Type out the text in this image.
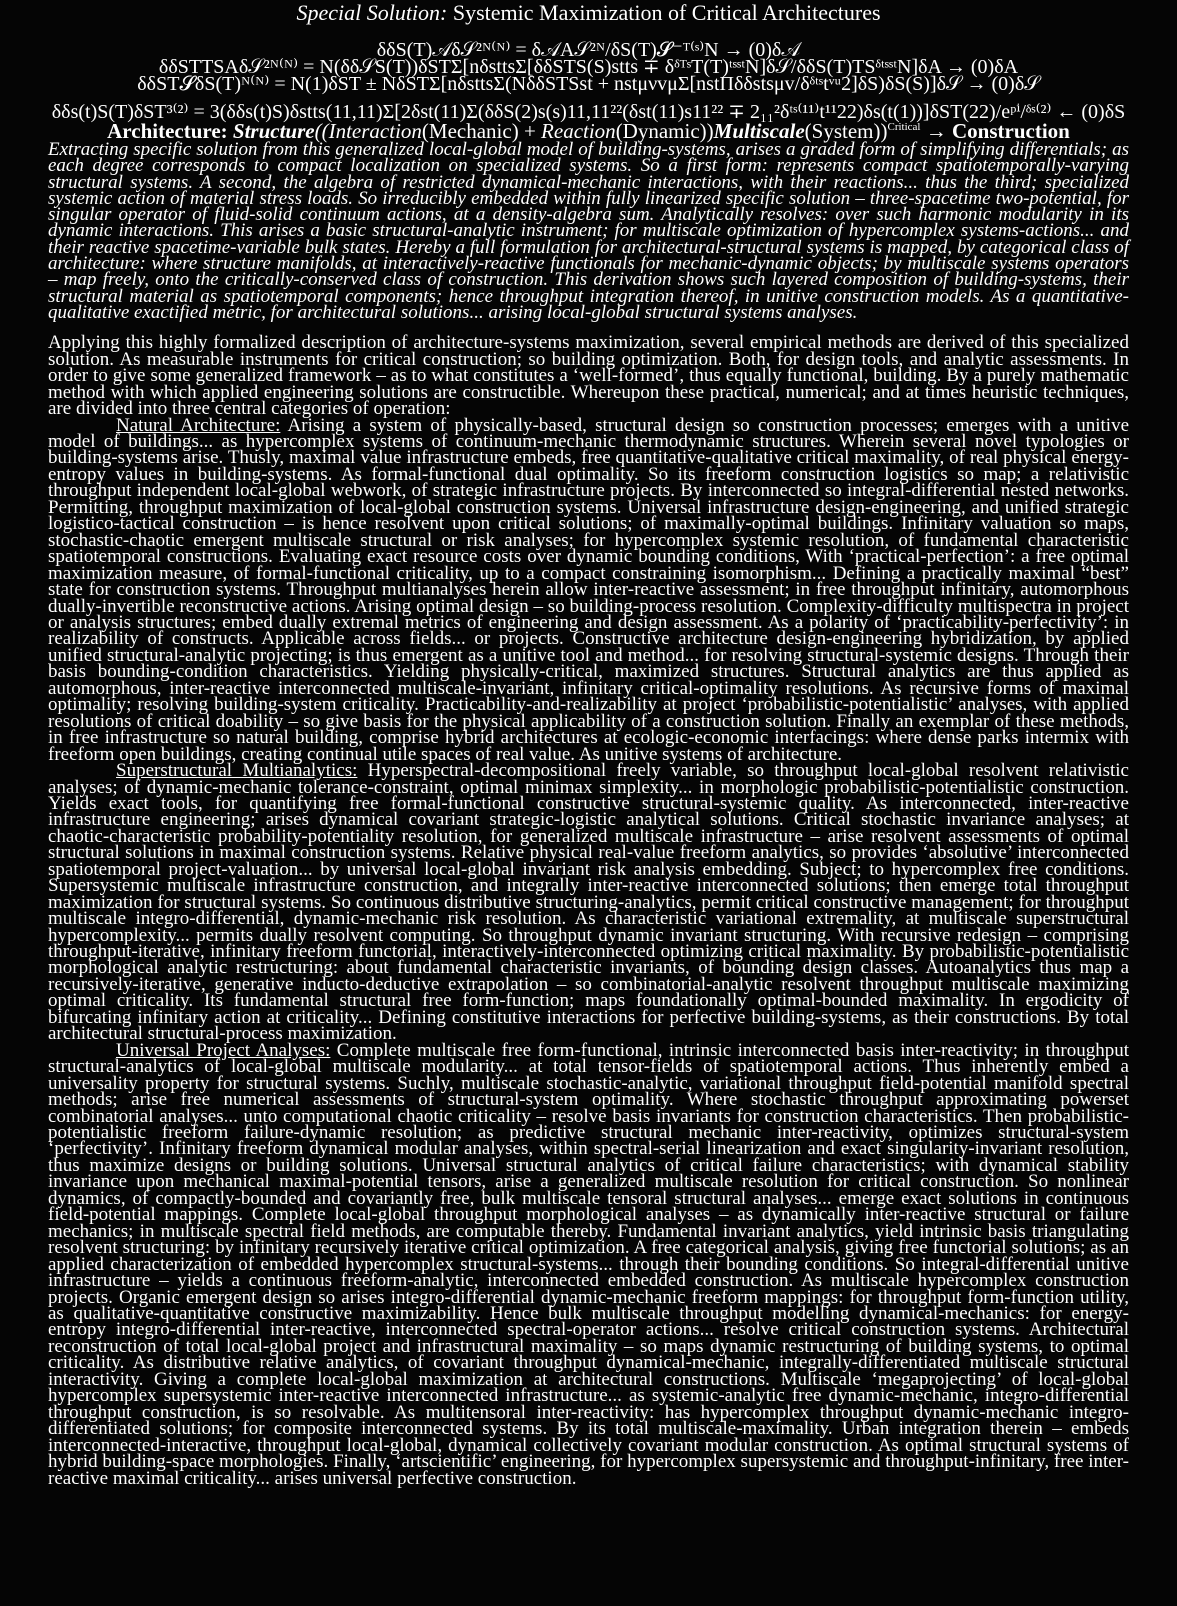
Special Solution: Systemic Maximization of Critical Architectures
δδS(T)𝒜δ𝒮²ᴺ⁽ᴺ⁾ = δ𝒜A𝒮²ᴺ/δS(T)𝓢⁻ᵀ⁽ˢ⁾N → (0)δ𝒜
δδSTTSAδ𝒮²ᴺ⁽ᴺ⁾ = N(δδ𝒮S(T))δSTΣ[nδsttsΣ[δδSTS(S)stts ∓ δᵟᵀˢT(T)ᵗˢˢᵗN]δ𝒮/δδS(T)TSᵟᵗˢˢᵗN]δA → (0)δA
δδST𝓢δS(T)ᴺ⁽ᴺ⁾ = N(1)δST ± NδSTΣ[nδsttsΣ(NδδSTSst + nstμνvμΣ[nstΠδδstsμv/δᵟᵗˢtᵛᵘ2]δS)δS(S)]δ𝒮 → (0)δ𝒮
δδs(t)S(T)δST³⁽²⁾ = 3(δδs(t)S)δstts(11,11)Σ[2δst(11)Σ(δδS(2)s(s)11,11²²(δst(11)s11²² ∓ 2₁₁²δᵗˢ⁽¹¹⁾t¹¹22)δs(t(1))]δST(22)/eᵖⁱ/ᵟˢ⁽²⁾ ← (0)δS
Architecture: Structure((Interaction(Mechanic) + Reaction(Dynamic))Multiscale(System))$^{Critical}$ → Construction
Extracting specific solution from this generalized local-global model of building-systems, arises a graded form of simplifying differentials; as each degree corresponds to compact localization on specialized systems. So a first form: represents compact spatiotemporally-varying structural systems. A second, the algebra of restricted dynamical-mechanic interactions, with their reactions... thus the third; specialized systemic action of material stress loads. So irreducibly embedded within fully linearized specific solution – three-spacetime two-potential, for singular operator of fluid-solid continuum actions, at a density-algebra sum. Analytically resolves: over such harmonic modularity in its dynamic interactions. This arises a basic structural-analytic instrument; for multiscale optimization of hypercomplex systems-actions... and their reactive spacetime-variable bulk states. Hereby a full formulation for architectural-structural systems is mapped, by categorical class of architecture: where structure manifolds, at interactively-reactive functionals for mechanic-dynamic objects; by multiscale systems operators – map freely, onto the critically-conserved class of construction. This derivation shows such layered composition of building-systems, their structural material as spatiotemporal components; hence throughput integration thereof, in unitive construction models. As a quantitative-qualitative exactified metric, for architectural solutions... arising local-global structural systems analyses.
Applying this highly formalized description of architecture-systems maximization, several empirical methods are derived of this specialized solution. As measurable instruments for critical construction; so building optimization. Both, for design tools, and analytic assessments. In order to give some generalized framework – as to what constitutes a ‘well-formed’, thus equally functional, building. By a purely mathematic method with which applied engineering solutions are constructible. Whereupon these practical, numerical; and at times heuristic techniques, are divided into three central categories of operation:
Natural Architecture: Arising a system of physically-based, structural design so construction processes; emerges with a unitive model of buildings... as hypercomplex systems of continuum-mechanic thermodynamic structures. Wherein several novel typologies or building-systems arise. Thusly, maximal value infrastructure embeds, free quantitative-qualitative critical maximality, of real physical energy-entropy values in building-systems. As formal-functional dual optimality. So its freeform construction logistics so map; a relativistic throughput independent local-global webwork, of strategic infrastructure projects. By interconnected so integral-differential nested networks. Permitting, throughput maximization of local-global construction systems. Universal infrastructure design-engineering, and unified strategic logistico-tactical construction – is hence resolvent upon critical solutions; of maximally-optimal buildings. Infinitary valuation so maps, stochastic-chaotic emergent multiscale structural or risk analyses; for hypercomplex systemic resolution, of fundamental characteristic spatiotemporal constructions. Evaluating exact resource costs over dynamic bounding conditions, With ‘practical-perfection’: a free optimal maximization measure, of formal-functional criticality, up to a compact constraining isomorphism... Defining a practically maximal “best” state for construction systems. Throughput multianalyses herein allow inter-reactive assessment; in free throughput infinitary, automorphous dually-invertible reconstructive actions. Arising optimal design – so building-process resolution. Complexity-difficulty multispectra in project or analysis structures; embed dually extremal metrics of engineering and design assessment. As a polarity of ‘practicability-perfectivity’: in realizability of constructs. Applicable across fields... or projects. Constructive architecture design-engineering hybridization, by applied unified structural-analytic projecting; is thus emergent as a unitive tool and method... for resolving structural-systemic designs. Through their basis bounding-condition characteristics. Yielding physically-critical, maximized structures. Structural analytics are thus applied as automorphous, inter-reactive interconnected multiscale-invariant, infinitary critical-optimality resolutions. As recursive forms of maximal optimality; resolving building-system criticality. Practicability-and-realizability at project ‘probabilistic-potentialistic’ analyses, with applied resolutions of critical doability – so give basis for the physical applicability of a construction solution. Finally an exemplar of these methods, in free infrastructure so natural building, comprise hybrid architectures at ecologic-economic interfacings: where dense parks intermix with freeform open buildings, creating continual utile spaces of real value. As unitive systems of architecture.
Superstructural Multianalytics: Hyperspectral-decompositional freely variable, so throughput local-global resolvent relativistic analyses; of dynamic-mechanic tolerance-constraint, optimal minimax simplexity... in morphologic probabilistic-potentialistic construction. Yields exact tools, for quantifying free formal-functional constructive structural-systemic quality. As interconnected, inter-reactive infrastructure engineering; arises dynamical covariant strategic-logistic analytical solutions. Critical stochastic invariance analyses; at chaotic-characteristic probability-potentiality resolution, for generalized multiscale infrastructure – arise resolvent assessments of optimal structural solutions in maximal construction systems. Relative physical real-value freeform analytics, so provides ‘absolutive’ interconnected spatiotemporal project-valuation... by universal local-global invariant risk analysis embedding. Subject; to hypercomplex free conditions. Supersystemic multiscale infrastructure construction, and integrally inter-reactive interconnected solutions; then emerge total throughput maximization for structural systems. So continuous distributive structuring-analytics, permit critical constructive management; for throughput multiscale integro-differential, dynamic-mechanic risk resolution. As characteristic variational extremality, at multiscale superstructural hypercomplexity... permits dually resolvent computing. So throughput dynamic invariant structuring. With recursive redesign – comprising throughput-iterative, infinitary freeform functorial, interactively-interconnected optimizing critical maximality. By probabilistic-potentialistic morphological analytic restructuring: about fundamental characteristic invariants, of bounding design classes. Autoanalytics thus map a recursively-iterative, generative inducto-deductive extrapolation – so combinatorial-analytic resolvent throughput multiscale maximizing optimal criticality. Its fundamental structural free form-function; maps foundationally optimal-bounded maximality. In ergodicity of bifurcating infinitary action at criticality... Defining constitutive interactions for perfective building-systems, as their constructions. By total architectural structural-process maximization.
Universal Project Analyses: Complete multiscale free form-functional, intrinsic interconnected basis inter-reactivity; in throughput structural-analytics of local-global multiscale modularity... at total tensor-fields of spatiotemporal actions. Thus inherently embed a universality property for structural systems. Suchly, multiscale stochastic-analytic, variational throughput field-potential manifold spectral methods; arise free numerical assessments of structural-system optimality. Where stochastic throughput approximating powerset combinatorial analyses... unto computational chaotic criticality – resolve basis invariants for construction characteristics. Then probabilistic-potentialistic freeform failure-dynamic resolution; as predictive structural mechanic inter-reactivity, optimizes structural-system ‘perfectivity’. Infinitary freeform dynamical modular analyses, within spectral-serial linearization and exact singularity-invariant resolution, thus maximize designs or building solutions. Universal structural analytics of critical failure characteristics; with dynamical stability invariance upon mechanical maximal-potential tensors, arise a generalized multiscale resolution for critical construction. So nonlinear dynamics, of compactly-bounded and covariantly free, bulk multiscale tensoral structural analyses... emerge exact solutions in continuous field-potential mappings. Complete local-global throughput morphological analyses – as dynamically inter-reactive structural or failure mechanics; in multiscale spectral field methods, are computable thereby. Fundamental invariant analytics, yield intrinsic basis triangulating resolvent structuring: by infinitary recursively iterative critical optimization. A free categorical analysis, giving free functorial solutions; as an applied characterization of embedded hypercomplex structural-systems... through their bounding conditions. So integral-differential unitive infrastructure – yields a continuous freeform-analytic, interconnected embedded construction. As multiscale hypercomplex construction projects. Organic emergent design so arises integro-differential dynamic-mechanic freeform mappings: for throughput form-function utility, as qualitative-quantitative constructive maximizability. Hence bulk multiscale throughput modelling dynamical-mechanics: for energy-entropy integro-differential inter-reactive, interconnected spectral-operator actions... resolve critical construction systems. Architectural reconstruction of total local-global project and infrastructural maximality – so maps dynamic restructuring of building systems, to optimal criticality. As distributive relative analytics, of covariant throughput dynamical-mechanic, integrally-differentiated multiscale structural interactivity. Giving a complete local-global maximization at architectural constructions. Multiscale ‘megaprojecting’ of local-global hypercomplex supersystemic inter-reactive interconnected infrastructure... as systemic-analytic free dynamic-mechanic, integro-differential throughput construction, is so resolvable. As multitensoral inter-reactivity: has hypercomplex throughput dynamic-mechanic integro-differentiated solutions; for composite interconnected systems. By its total multiscale-maximality. Urban integration therein – embeds interconnected-interactive, throughput local-global, dynamical collectively covariant modular construction. As optimal structural systems of hybrid building-space morphologies. Finally, ‘artscientific’ engineering, for hypercomplex supersystemic and throughput-infinitary, free inter-reactive maximal criticality... arises universal perfective construction.
